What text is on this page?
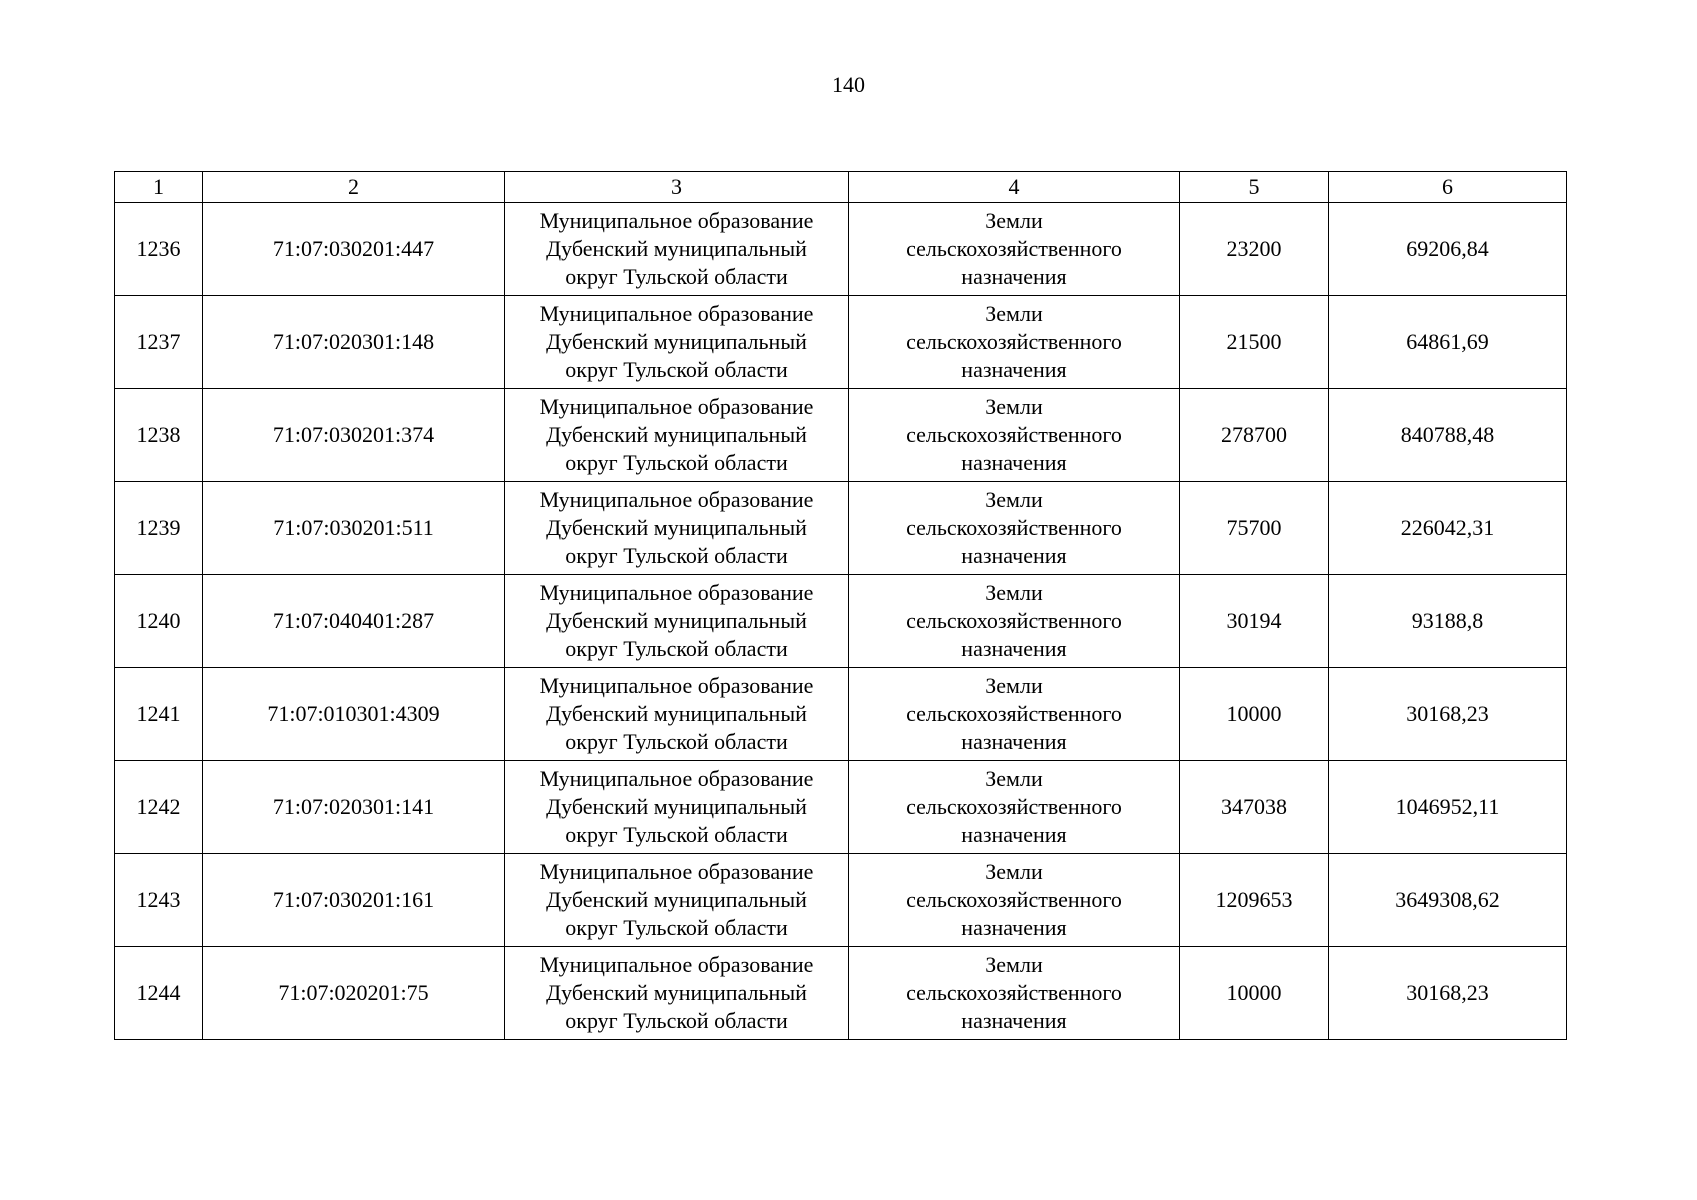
140
1	2	3	4	5	6
1236	71:07:030201:447	Муниципальное образование
Дубенский муниципальный
округ Тульской области	Земли
сельскохозяйственного
назначения	23200	69206,84
1237	71:07:020301:148	Муниципальное образование
Дубенский муниципальный
округ Тульской области	Земли
сельскохозяйственного
назначения	21500	64861,69
1238	71:07:030201:374	Муниципальное образование
Дубенский муниципальный
округ Тульской области	Земли
сельскохозяйственного
назначения	278700	840788,48
1239	71:07:030201:511	Муниципальное образование
Дубенский муниципальный
округ Тульской области	Земли
сельскохозяйственного
назначения	75700	226042,31
1240	71:07:040401:287	Муниципальное образование
Дубенский муниципальный
округ Тульской области	Земли
сельскохозяйственного
назначения	30194	93188,8
1241	71:07:010301:4309	Муниципальное образование
Дубенский муниципальный
округ Тульской области	Земли
сельскохозяйственного
назначения	10000	30168,23
1242	71:07:020301:141	Муниципальное образование
Дубенский муниципальный
округ Тульской области	Земли
сельскохозяйственного
назначения	347038	1046952,11
1243	71:07:030201:161	Муниципальное образование
Дубенский муниципальный
округ Тульской области	Земли
сельскохозяйственного
назначения	1209653	3649308,62
1244	71:07:020201:75	Муниципальное образование
Дубенский муниципальный
округ Тульской области	Земли
сельскохозяйственного
назначения	10000	30168,23
